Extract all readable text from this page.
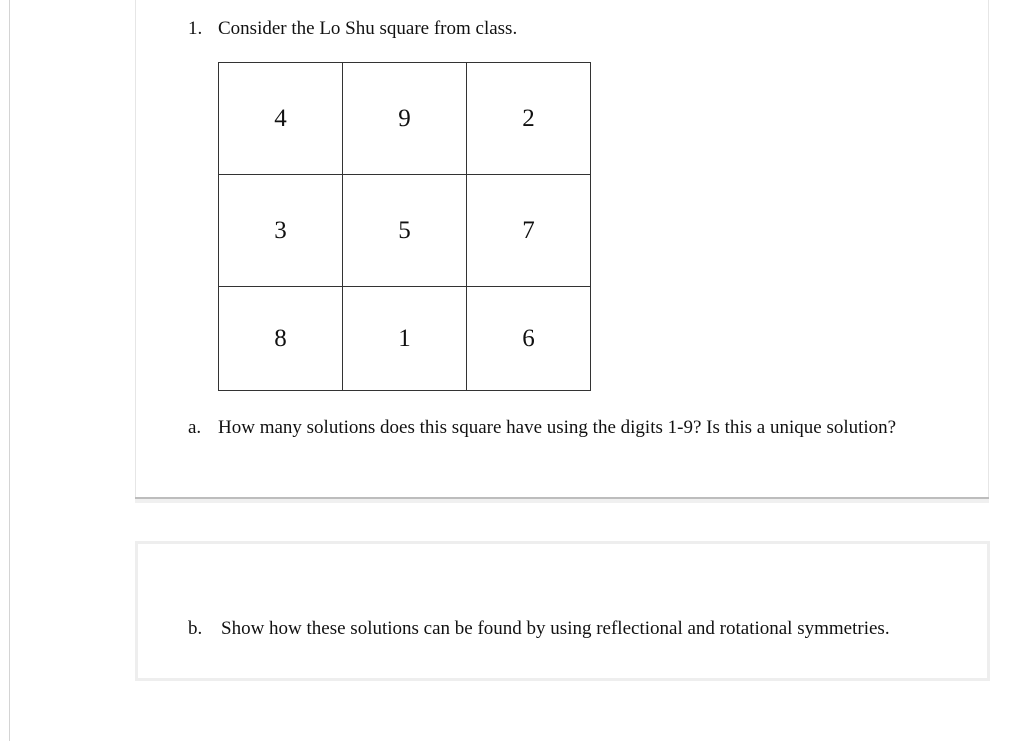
1. Consider the Lo Shu square from class.
4	9	2
3	5	7
8	1	6
a. How many solutions does this square have using the digits 1-9? Is this a unique solution?
b. Show how these solutions can be found by using reflectional and rotational symmetries.
